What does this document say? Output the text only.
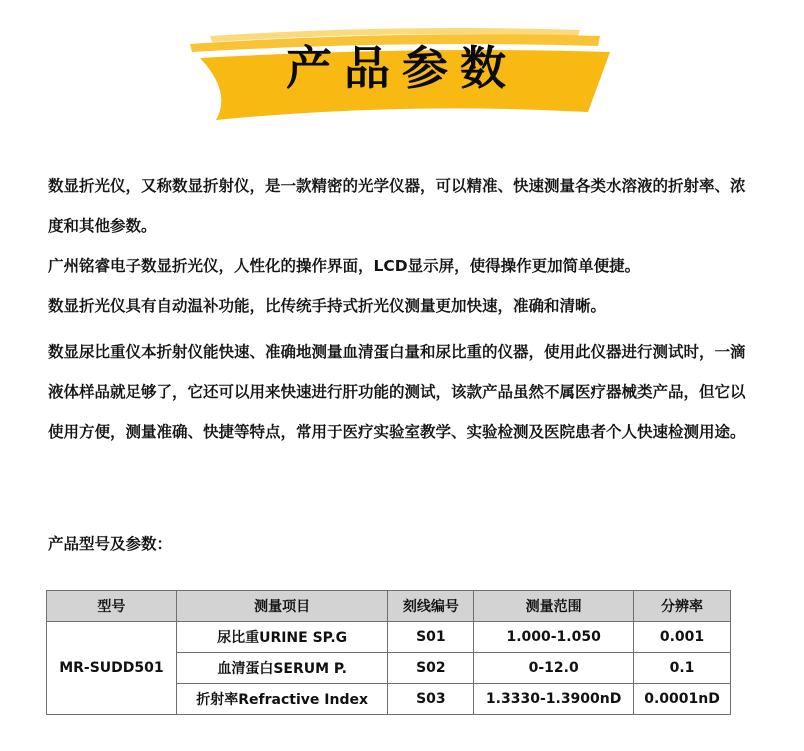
产品参数

数显折光仪，又称数显折射仪，是一款精密的光学仪器，可以精准、快速测量各类水溶液的折射率、浓度和其他参数。

广州铭睿电子数显折光仪，人性化的操作界面，LCD显示屏，使得操作更加简单便捷。

数显折光仪具有自动温补功能，比传统手持式折光仪测量更加快速，准确和清晰。

数显尿比重仪本折射仪能快速、准确地测量血清蛋白量和尿比重的仪器，使用此仪器进行测试时，一滴液体样品就足够了，它还可以用来快速进行肝功能的测试，该款产品虽然不属医疗器械类产品，但它以使用方便，测量准确、快捷等特点，常用于医疗实验室教学、实验检测及医院患者个人快速检测用途。

产品型号及参数：

型号	测量项目	刻线编号	测量范围	分辨率
MR-SUDD501	尿比重URINE SP.G	S01	1.000-1.050	0.001
	血清蛋白SERUM P.	S02	0-12.0	0.1
	折射率Refractive Index	S03	1.3330-1.3900nD	0.0001nD
